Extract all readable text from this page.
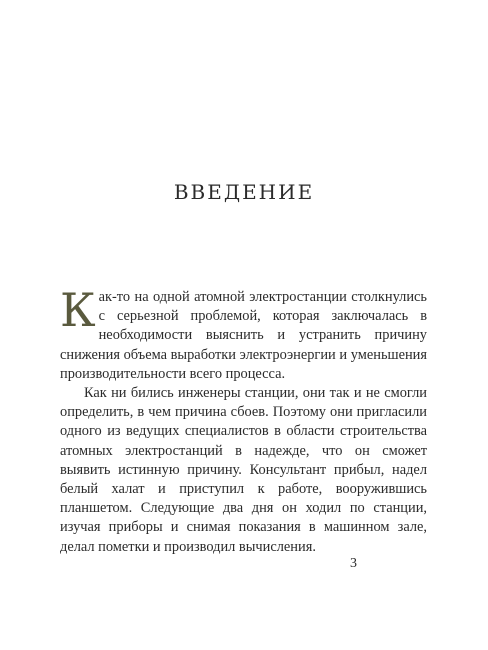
ВВЕДЕНИЕ

Как-то на одной атомной электростанции столкнулись с серьезной проблемой, которая заключалась в необходимости выяснить и устранить причину снижения объема выработки электроэнергии и уменьшения производительности всего процесса.

Как ни бились инженеры станции, они так и не смогли определить, в чем причина сбоев. Поэтому они пригласили одного из ведущих специалистов в области строительства атомных электростанций в надежде, что он сможет выявить истинную причину. Консультант прибыл, надел белый халат и приступил к работе, вооружившись планшетом. Следующие два дня он ходил по станции, изучая приборы и снимая показания в машинном зале, делал пометки и производил вычисления.

3
